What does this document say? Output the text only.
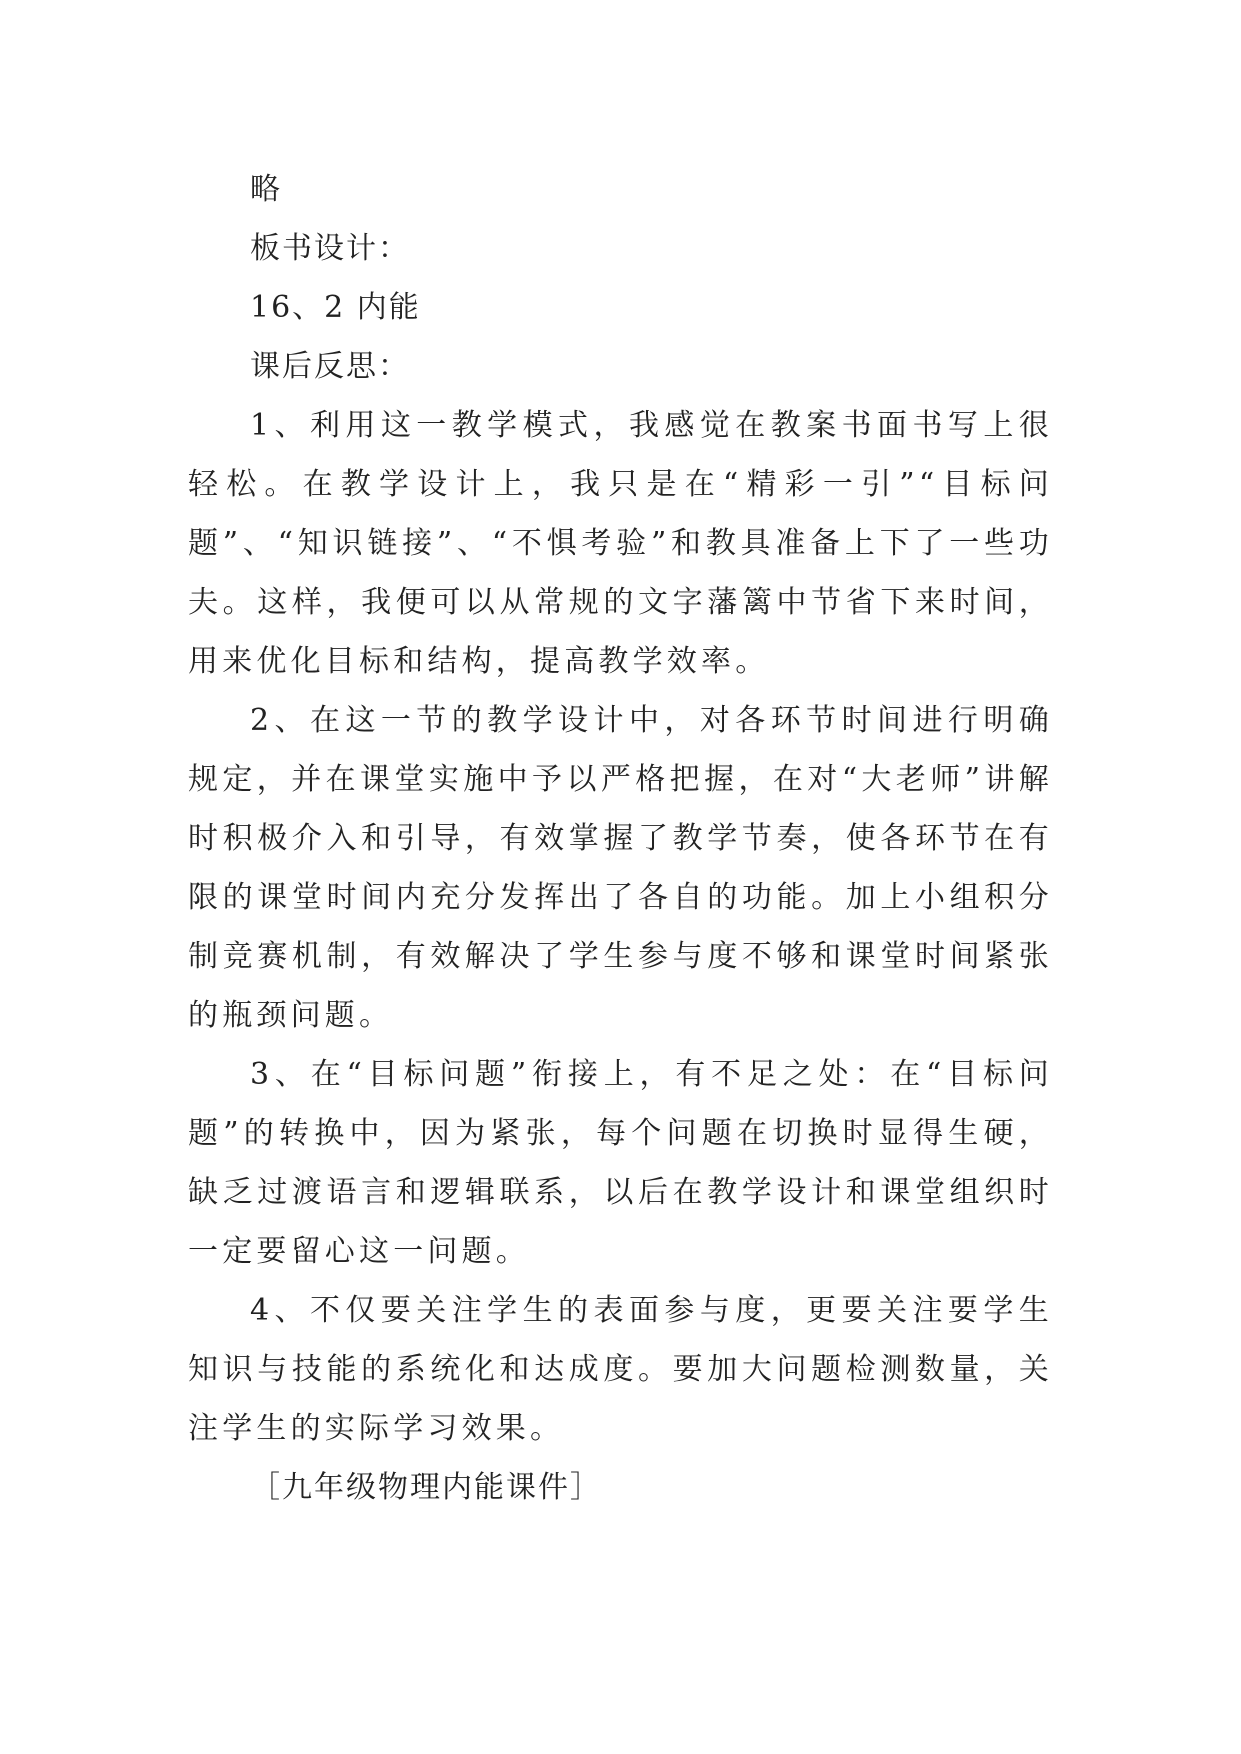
略

板书设计：

16、2 内能

课后反思：

1、利用这一教学模式，我感觉在教案书面书写上很轻松。在教学设计上，我只是在“精彩一引”“目标问题”、“知识链接”、“不惧考验”和教具准备上下了一些功夫。这样，我便可以从常规的文字藩篱中节省下来时间，用来优化目标和结构，提高教学效率。

2、在这一节的教学设计中，对各环节时间进行明确规定，并在课堂实施中予以严格把握，在对“大老师”讲解时积极介入和引导，有效掌握了教学节奏，使各环节在有限的课堂时间内充分发挥出了各自的功能。加上小组积分制竞赛机制，有效解决了学生参与度不够和课堂时间紧张的瓶颈问题。

3、在“目标问题”衔接上，有不足之处：在“目标问题”的转换中，因为紧张，每个问题在切换时显得生硬，缺乏过渡语言和逻辑联系，以后在教学设计和课堂组织时一定要留心这一问题。

4、不仅要关注学生的表面参与度，更要关注要学生知识与技能的系统化和达成度。要加大问题检测数量，关注学生的实际学习效果。

［九年级物理内能课件］
